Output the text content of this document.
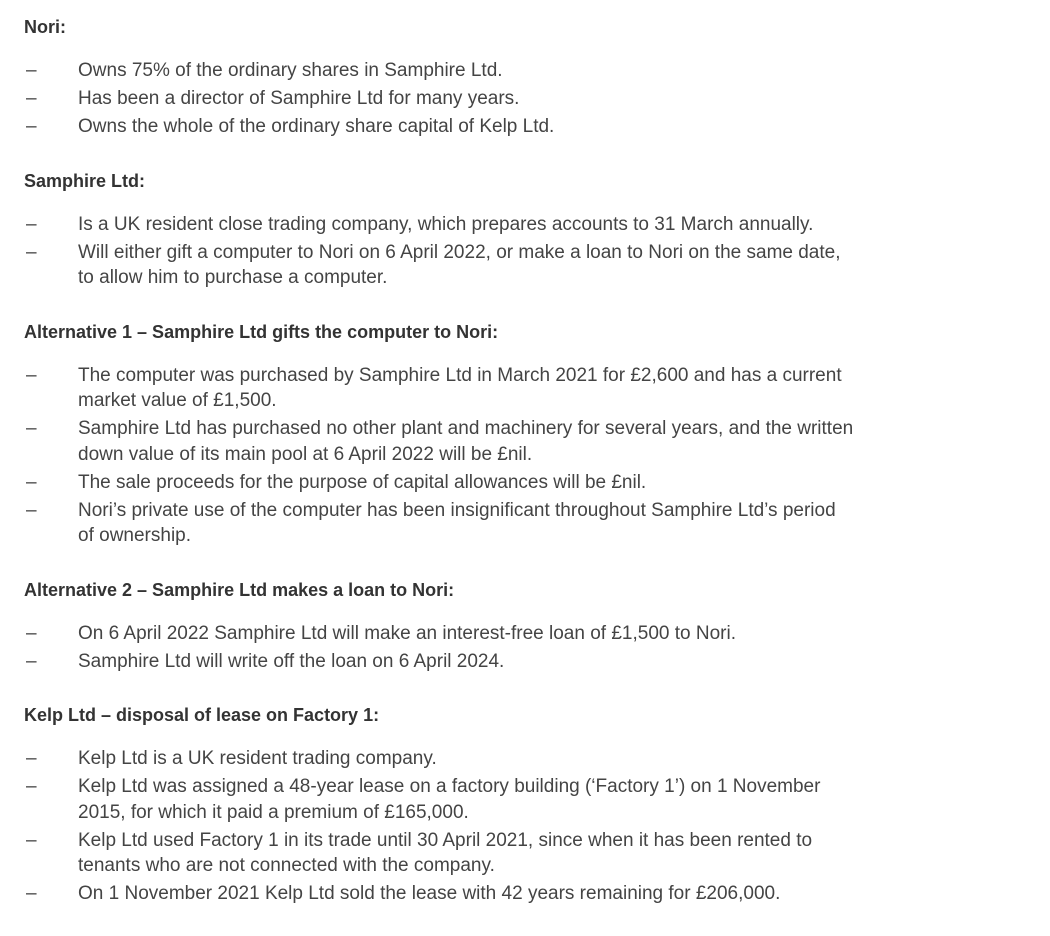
Nori:
– Owns 75% of the ordinary shares in Samphire Ltd.
– Has been a director of Samphire Ltd for many years.
– Owns the whole of the ordinary share capital of Kelp Ltd.
Samphire Ltd:
– Is a UK resident close trading company, which prepares accounts to 31 March annually.
– Will either gift a computer to Nori on 6 April 2022, or make a loan to Nori on the same date,
to allow him to purchase a computer.
Alternative 1 – Samphire Ltd gifts the computer to Nori:
– The computer was purchased by Samphire Ltd in March 2021 for £2,600 and has a current
market value of £1,500.
– Samphire Ltd has purchased no other plant and machinery for several years, and the written
down value of its main pool at 6 April 2022 will be £nil.
– The sale proceeds for the purpose of capital allowances will be £nil.
– Nori’s private use of the computer has been insignificant throughout Samphire Ltd’s period
of ownership.
Alternative 2 – Samphire Ltd makes a loan to Nori:
– On 6 April 2022 Samphire Ltd will make an interest-free loan of £1,500 to Nori.
– Samphire Ltd will write off the loan on 6 April 2024.
Kelp Ltd – disposal of lease on Factory 1:
– Kelp Ltd is a UK resident trading company.
– Kelp Ltd was assigned a 48-year lease on a factory building (‘Factory 1’) on 1 November
2015, for which it paid a premium of £165,000.
– Kelp Ltd used Factory 1 in its trade until 30 April 2021, since when it has been rented to
tenants who are not connected with the company.
– On 1 November 2021 Kelp Ltd sold the lease with 42 years remaining for £206,000.
